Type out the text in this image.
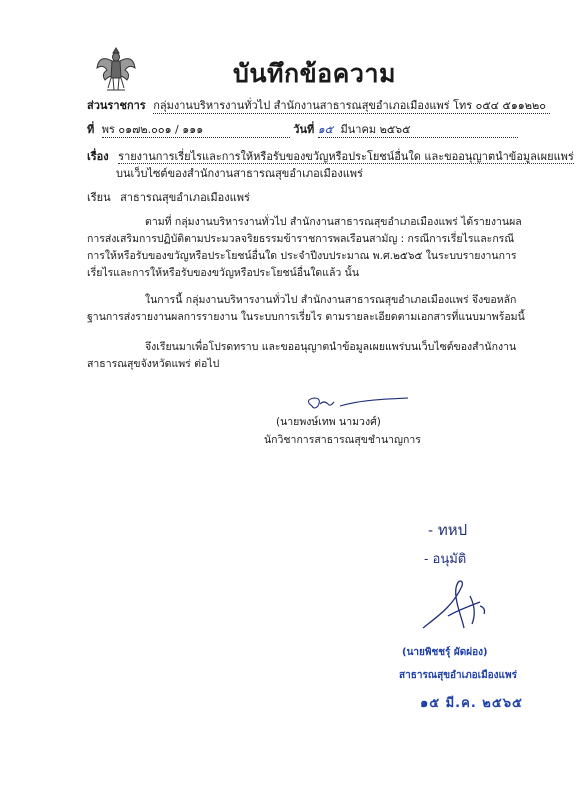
บันทึกข้อความ
ส่วนราชการ กลุ่มงานบริหารงานทั่วไป สำนักงานสาธารณสุขอำเภอเมืองแพร่ โทร ๐๕๔ ๕๑๑๒๒๐
ที่ พร ๐๑๗๒.๐๐๑ / ๑๑๑	วันที่ ๑๕ มีนาคม ๒๕๖๕
เรื่อง รายงานการเรี่ยไรและการให้หรือรับของขวัญหรือประโยชน์อื่นใด และขออนุญาตนำข้อมูลเผยแพร่
บนเว็บไซต์ของสำนักงานสาธารณสุขอำเภอเมืองแพร่
เรียน สาธารณสุขอำเภอเมืองแพร่
ตามที่ กลุ่มงานบริหารงานทั่วไป สำนักงานสาธารณสุขอำเภอเมืองแพร่ ได้รายงานผลการส่งเสริมการปฏิบัติตามประมวลจริยธรรมข้าราชการพลเรือนสามัญ : กรณีการเรี่ยไรและกรณีการให้หรือรับของขวัญหรือประโยชน์อื่นใด ประจำปีงบประมาณ พ.ศ.๒๕๖๕ ในระบบรายงานการเรี่ยไรและการให้หรือรับของขวัญหรือประโยชน์อื่นใดแล้ว นั้น
ในการนี้ กลุ่มงานบริหารงานทั่วไป สำนักงานสาธารณสุขอำเภอเมืองแพร่ จึงขอหลักฐานการส่งรายงานผลการรายงาน ในระบบการเรี่ยไร ตามรายละเอียดตามเอกสารที่แนบมาพร้อมนี้
จึงเรียนมาเพื่อโปรดทราบ และขออนุญาตนำข้อมูลเผยแพร่บนเว็บไซต์ของสำนักงานสาธารณสุขจังหวัดแพร่ ต่อไป
(นายพงษ์เทพ นามวงศ์)
นักวิชาการสาธารณสุขชำนาญการ
- ทหป
- อนุมัติ
(นายพิชชรุ์ ผัดผ่อง)
สาธารณสุขอำเภอเมืองแพร่
๑๕ มี.ค. ๒๕๖๕
